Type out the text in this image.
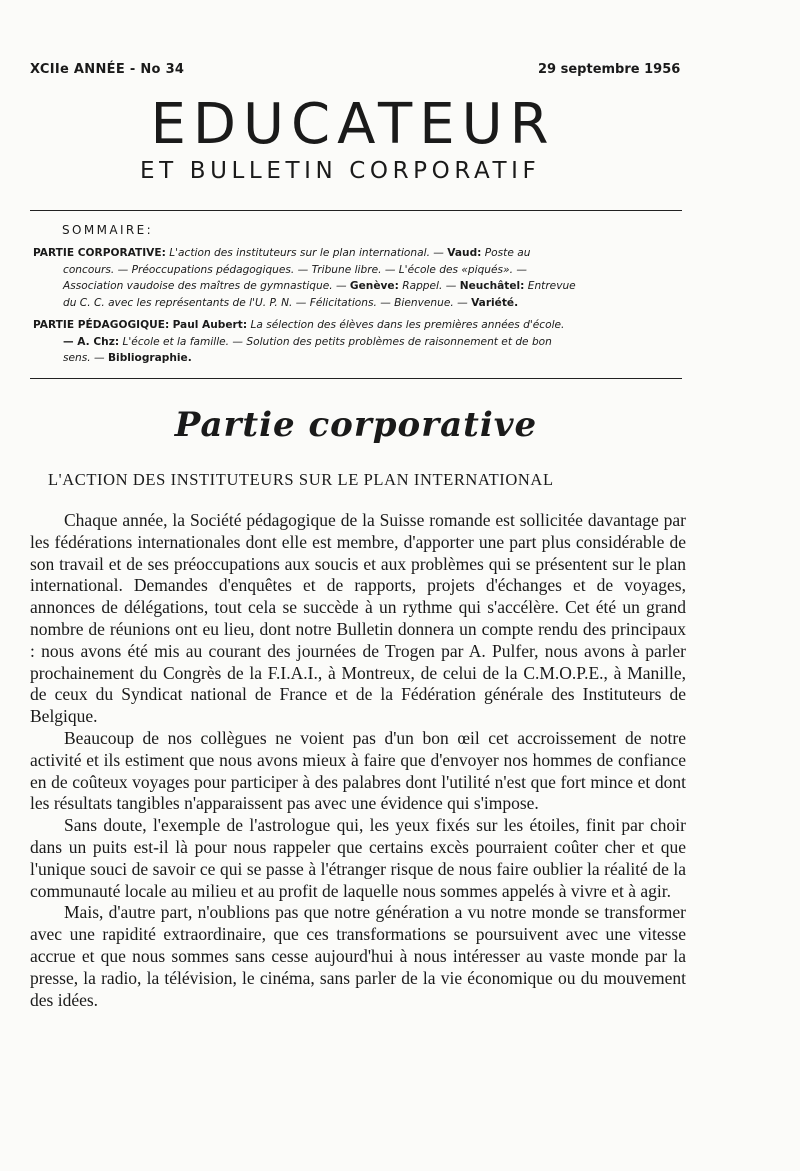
XCIIe ANNÉE - No 34	29 septembre 1956
EDUCATEUR
ET BULLETIN CORPORATIF
SOMMAIRE:
PARTIE CORPORATIVE: L'action des instituteurs sur le plan international. — Vaud: Poste au
concours. — Préoccupations pédagogiques. — Tribune libre. — L'école des «piqués». —
Association vaudoise des maîtres de gymnastique. — Genève: Rappel. — Neuchâtel: Entrevue
du C. C. avec les représentants de l'U. P. N. — Félicitations. — Bienvenue. — Variété.
PARTIE PÉDAGOGIQUE: Paul Aubert: La sélection des élèves dans les premières années d'école.
— A. Chz: L'école et la famille. — Solution des petits problèmes de raisonnement et de bon
sens. — Bibliographie.
Partie corporative
L'ACTION DES INSTITUTEURS SUR LE PLAN INTERNATIONAL

Chaque année, la Société pédagogique de la Suisse romande est sollicitée davantage par les fédérations internationales dont elle est membre, d'apporter une part plus considérable de son travail et de ses préoccupations aux soucis et aux problèmes qui se présentent sur le plan international. Demandes d'enquêtes et de rapports, projets d'échanges et de voyages, annonces de délégations, tout cela se succède à un rythme qui s'accélère. Cet été un grand nombre de réunions ont eu lieu, dont notre Bulletin donnera un compte rendu des principaux : nous avons été mis au courant des journées de Trogen par A. Pulfer, nous avons à parler prochainement du Congrès de la F.I.A.I., à Montreux, de celui de la C.M.O.P.E., à Manille, de ceux du Syndicat national de France et de la Fédération générale des Instituteurs de Belgique.

Beaucoup de nos collègues ne voient pas d'un bon œil cet accroissement de notre activité et ils estiment que nous avons mieux à faire que d'envoyer nos hommes de confiance en de coûteux voyages pour participer à des palabres dont l'utilité n'est que fort mince et dont les résultats tangibles n'apparaissent pas avec une évidence qui s'impose.

Sans doute, l'exemple de l'astrologue qui, les yeux fixés sur les étoiles, finit par choir dans un puits est-il là pour nous rappeler que certains excès pourraient coûter cher et que l'unique souci de savoir ce qui se passe à l'étranger risque de nous faire oublier la réalité de la communauté locale au milieu et au profit de laquelle nous sommes appelés à vivre et à agir.

Mais, d'autre part, n'oublions pas que notre génération a vu notre monde se transformer avec une rapidité extraordinaire, que ces transformations se poursuivent avec une vitesse accrue et que nous sommes sans cesse aujourd'hui à nous intéresser au vaste monde par la presse, la radio, la télévision, le cinéma, sans parler de la vie économique ou du mouvement des idées.
